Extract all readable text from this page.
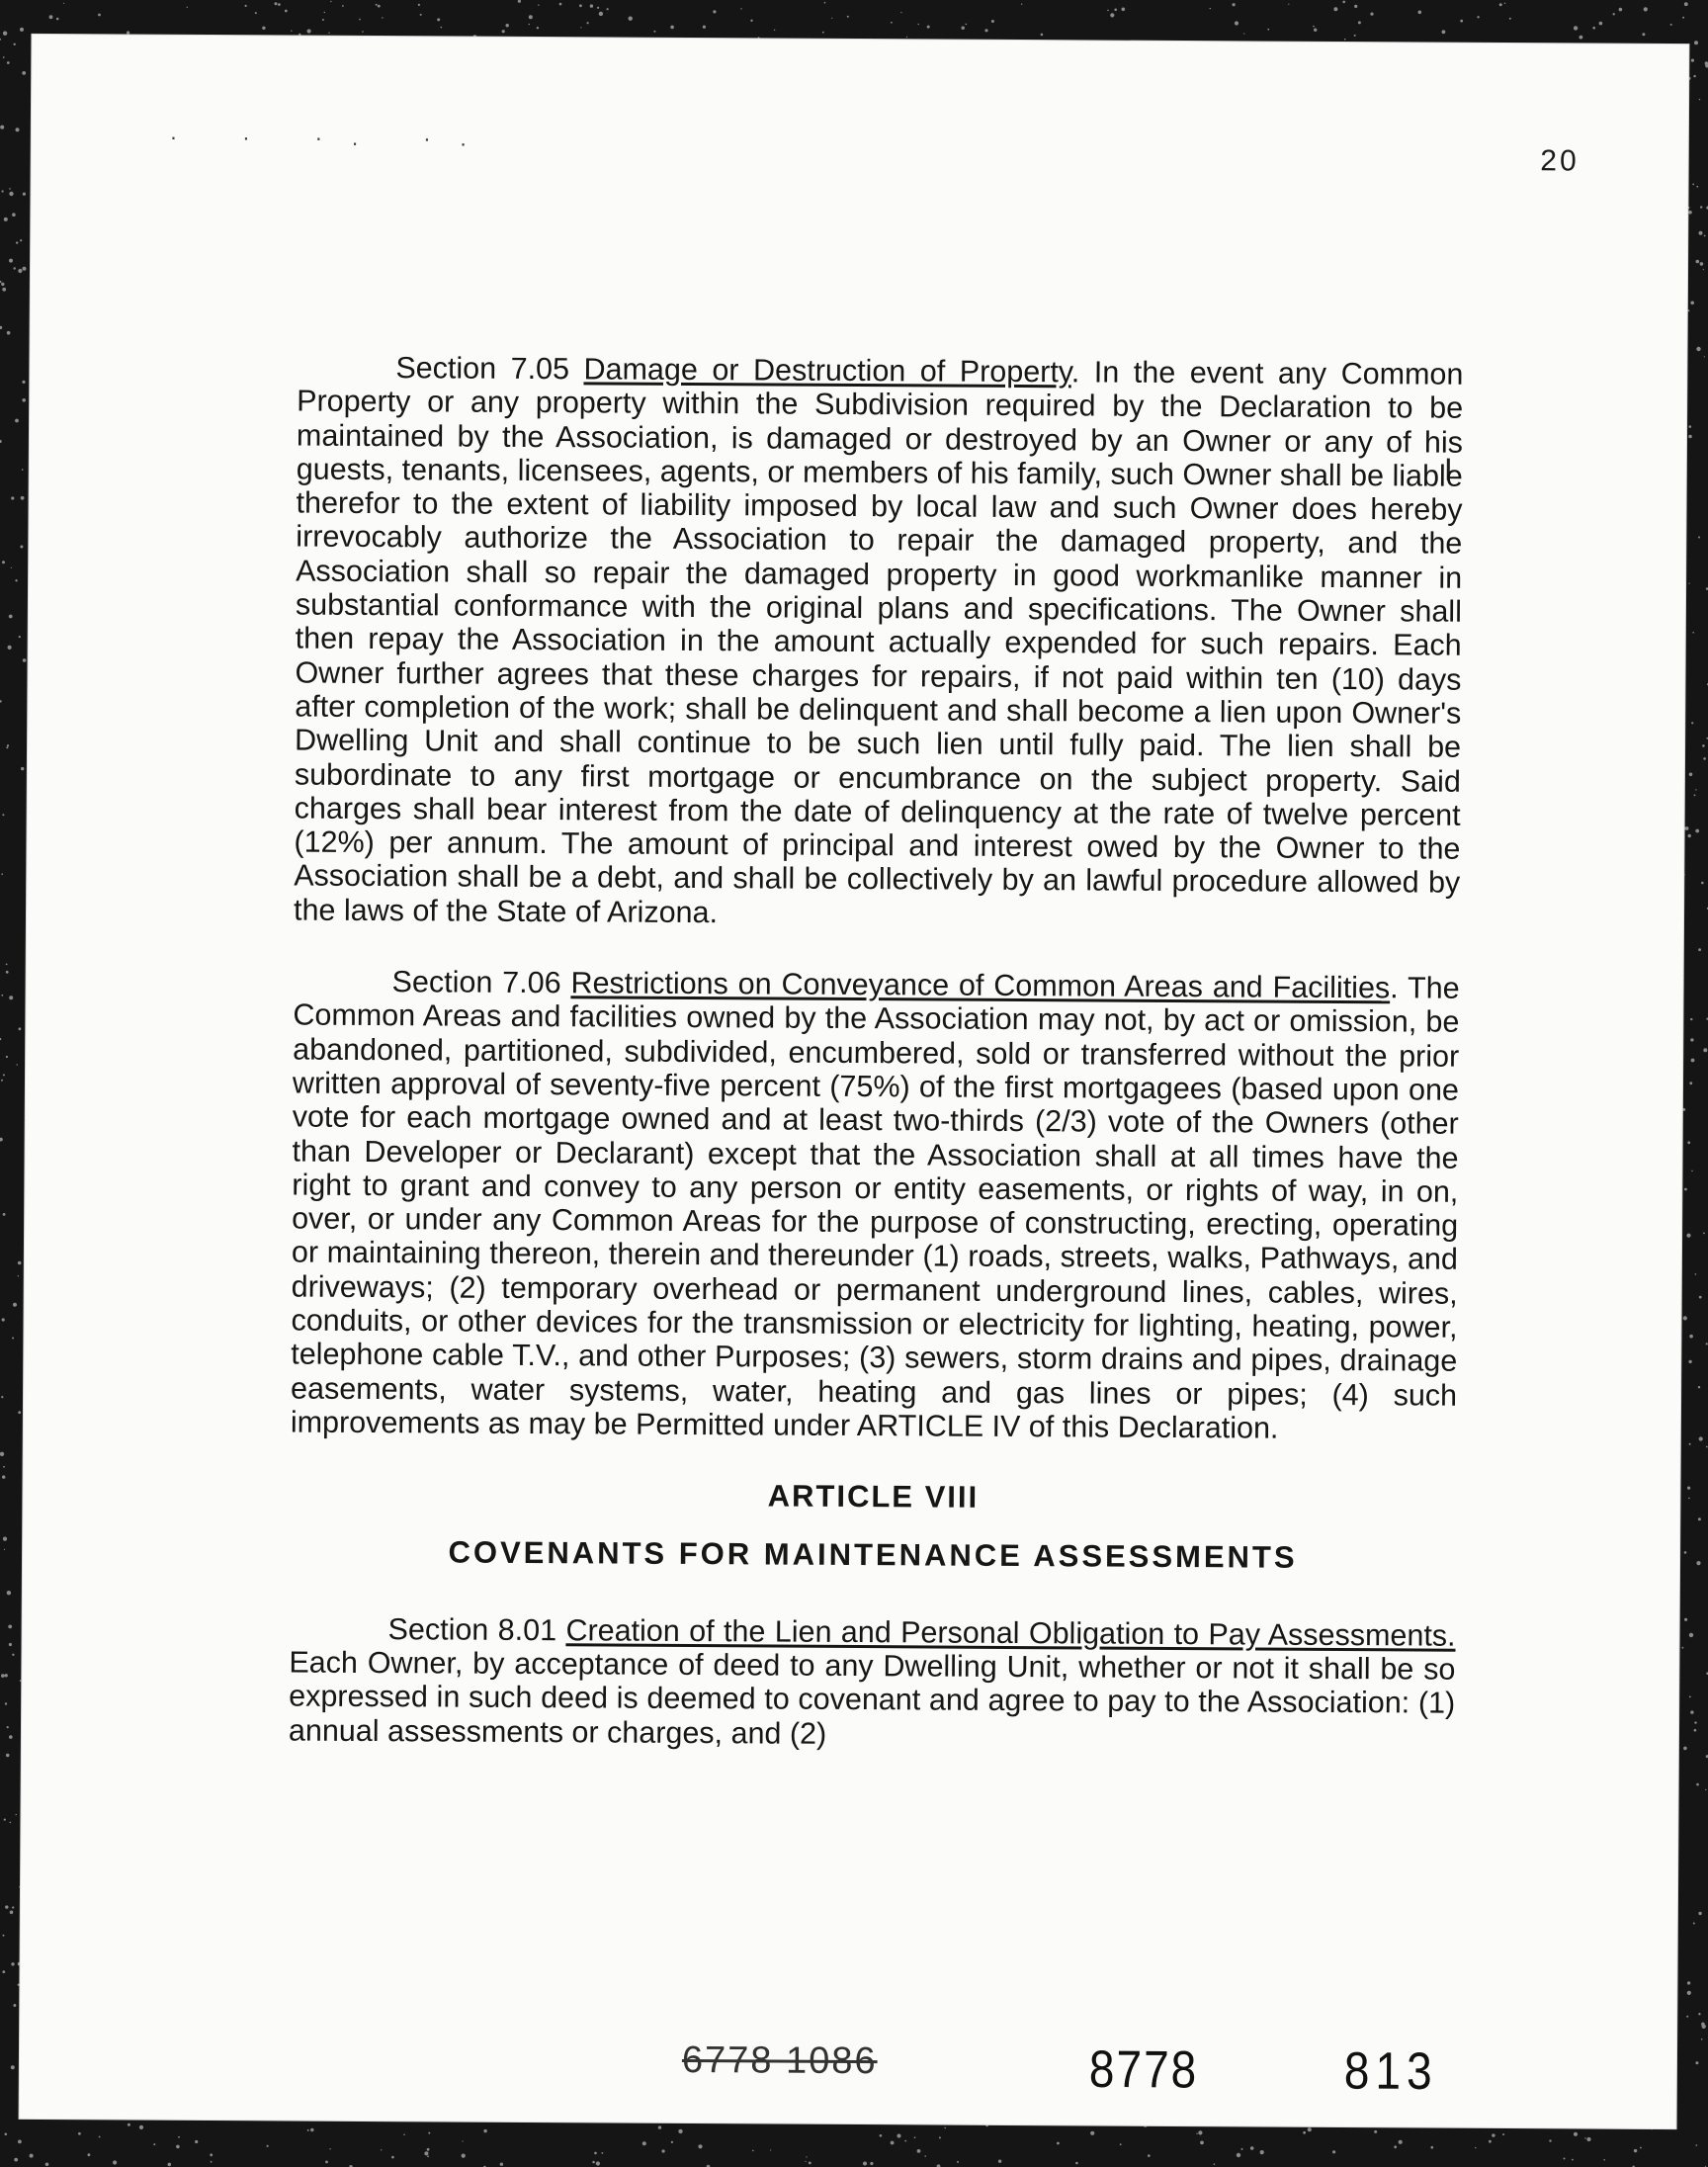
· · ·. ·.
20

Section 7.05 Damage or Destruction of Property. In the event any Common Property or any property within the Subdivision required by the Declaration to be maintained by the Association, is damaged or destroyed by an Owner or any of his guests, tenants, licensees, agents, or members of his family, such Owner shall be liable therefor to the extent of liability imposed by local law and such Owner does hereby irrevocably authorize the Association to repair the damaged property, and the Association shall so repair the damaged property in good workmanlike manner in substantial conformance with the original plans and specifications. The Owner shall then repay the Association in the amount actually expended for such repairs. Each Owner further agrees that these charges for repairs, if not paid within ten (10) days after completion of the work; shall be delinquent and shall become a lien upon Owner's Dwelling Unit and shall continue to be such lien until fully paid. The lien shall be subordinate to any first mortgage or encumbrance on the subject property. Said charges shall bear interest from the date of delinquency at the rate of twelve percent (12%) per annum. The amount of principal and interest owed by the Owner to the Association shall be a debt, and shall be collectively by an lawful procedure allowed by the laws of the State of Arizona.

Section 7.06 Restrictions on Conveyance of Common Areas and Facilities. The Common Areas and facilities owned by the Association may not, by act or omission, be abandoned, partitioned, subdivided, encumbered, sold or transferred without the prior written approval of seventy-five percent (75%) of the first mortgagees (based upon one vote for each mortgage owned and at least two-thirds (2/3) vote of the Owners (other than Developer or Declarant) except that the Association shall at all times have the right to grant and convey to any person or entity easements, or rights of way, in on, over, or under any Common Areas for the purpose of constructing, erecting, operating or maintaining thereon, therein and thereunder (1) roads, streets, walks, Pathways, and driveways; (2) temporary overhead or permanent underground lines, cables, wires, conduits, or other devices for the transmission or electricity for lighting, heating, power, telephone cable T.V., and other Purposes; (3) sewers, storm drains and pipes, drainage easements, water systems, water, heating and gas lines or pipes; (4) such improvements as may be Permitted under ARTICLE IV of this Declaration.

ARTICLE VIII

COVENANTS FOR MAINTENANCE ASSESSMENTS

Section 8.01 Creation of the Lien and Personal Obligation to Pay Assessments. Each Owner, by acceptance of deed to any Dwelling Unit, whether or not it shall be so expressed in such deed is deemed to covenant and agree to pay to the Association: (1) annual assessments or charges, and (2)

6778 1086	8778	813
